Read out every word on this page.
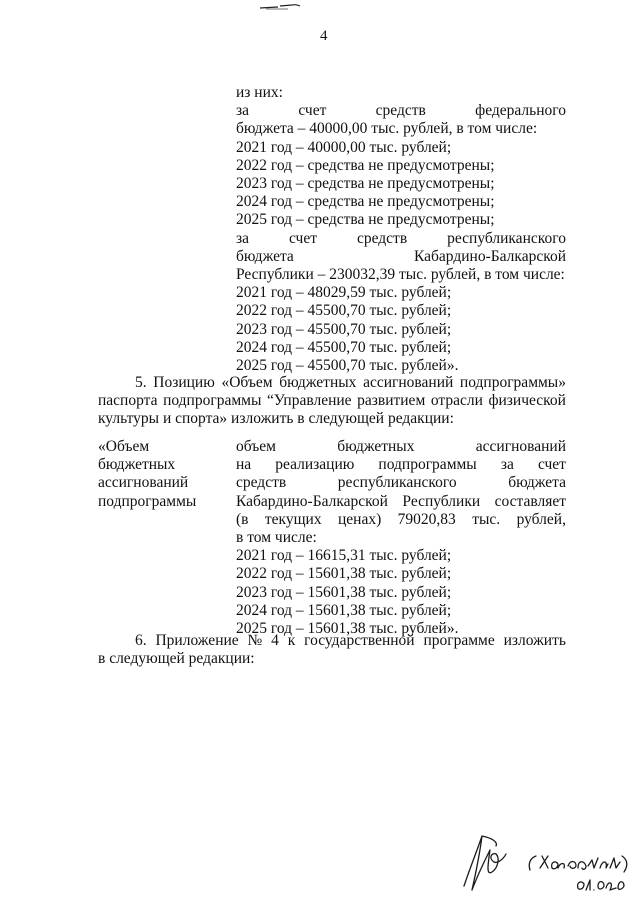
4
из них:
за	счет	средств	федерального
бюджета – 40000,00 тыс. рублей, в том числе:
2021 год – 40000,00 тыс. рублей;
2022 год – средства не предусмотрены;
2023 год – средства не предусмотрены;
2024 год – средства не предусмотрены;
2025 год – средства не предусмотрены;
за	счет	средств	республиканского
бюджета	Кабардино-Балкарской
Республики – 230032,39 тыс. рублей, в том числе:
2021 год – 48029,59 тыс. рублей;
2022 год – 45500,70 тыс. рублей;
2023 год – 45500,70 тыс. рублей;
2024 год – 45500,70 тыс. рублей;
2025 год – 45500,70 тыс. рублей».
5. Позицию «Объем бюджетных ассигнований подпрограммы»
паспорта подпрограммы “Управление развитием отрасли физической
культуры и спорта» изложить в следующей редакции:
«Объем
бюджетных
ассигнований
подпрограммы
объем	бюджетных	ассигнований
на реализацию подпрограммы за счет
средств	республиканского	бюджета
Кабардино-Балкарской Республики составляет
(в текущих ценах) 79020,83 тыс. рублей,
в том числе:
2021 год – 16615,31 тыс. рублей;
2022 год – 15601,38 тыс. рублей;
2023 год – 15601,38 тыс. рублей;
2024 год – 15601,38 тыс. рублей;
2025 год – 15601,38 тыс. рублей».
6. Приложение № 4 к государственной программе изложить
в следующей редакции:
